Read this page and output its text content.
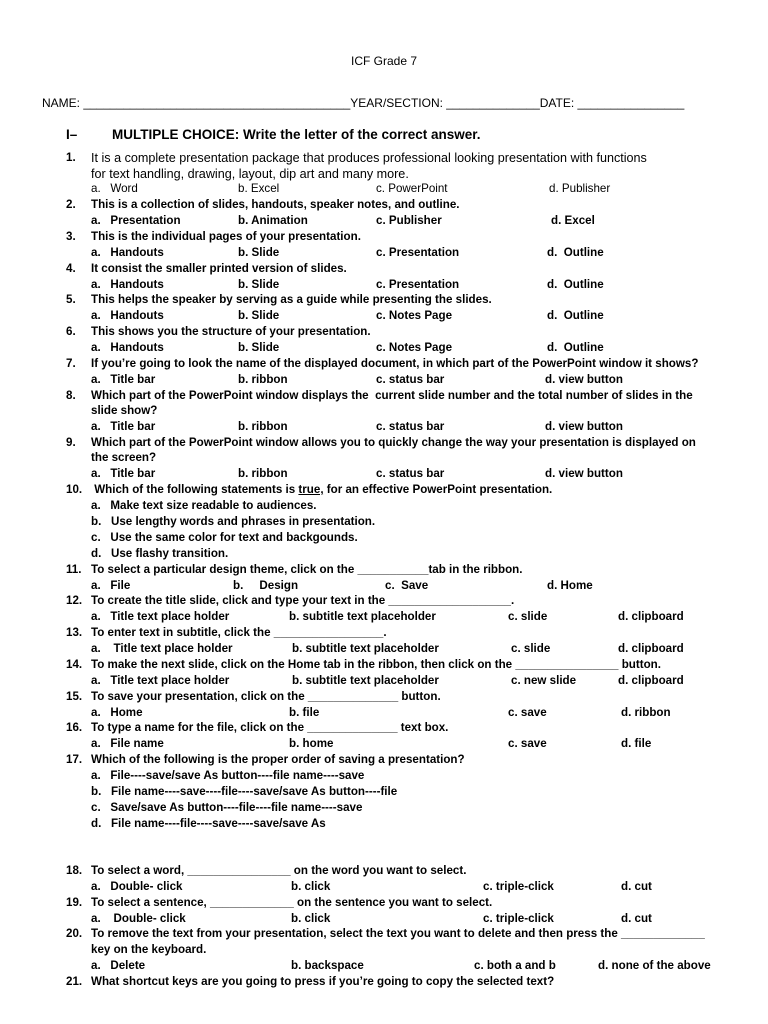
ICF Grade 7
NAME: ________________________________________YEAR/SECTION: ______________DATE: ________________
I–	MULTIPLE CHOICE: Write the letter of the correct answer.
1. It is a complete presentation package that produces professional looking presentation with functions
for text handling, drawing, layout, dip art and many more.
a.   Word	b. Excel	c. PowerPoint	d. Publisher
2. This is a collection of slides, handouts, speaker notes, and outline.
a.   Presentation	b. Animation	c. Publisher	d. Excel
3. This is the individual pages of your presentation.
a.   Handouts	b. Slide	c. Presentation	d.  Outline
4. It consist the smaller printed version of slides.
a.   Handouts	b. Slide	c. Presentation	d.  Outline
5. This helps the speaker by serving as a guide while presenting the slides.
a.   Handouts	b. Slide	c. Notes Page	d.  Outline
6. This shows you the structure of your presentation.
a.   Handouts	b. Slide	c. Notes Page	d.  Outline
7. If you’re going to look the name of the displayed document, in which part of the PowerPoint window it shows?
a.   Title bar	b. ribbon	c. status bar	d. view button
8. Which part of the PowerPoint window displays the  current slide number and the total number of slides in the
slide show?
a.   Title bar	b. ribbon	c. status bar	d. view button
9. Which part of the PowerPoint window allows you to quickly change the way your presentation is displayed on
the screen?
a.   Title bar	b. ribbon	c. status bar	d. view button
10. Which of the following statements is true, for an effective PowerPoint presentation.
a.   Make text size readable to audiences.
b.   Use lengthy words and phrases in presentation.
c.   Use the same color for text and backgounds.
d.   Use flashy transition.
11. To select a particular design theme, click on the ___________tab in the ribbon.
a.   File	b.     Design	c.  Save	d. Home
12. To create the title slide, click and type your text in the ___________________.
a.   Title text place holder	b. subtitle text placeholder	c. slide	d. clipboard
13. To enter text in subtitle, click the _________________.
a.    Title text place holder	b. subtitle text placeholder	c. slide	d. clipboard
14. To make the next slide, click on the Home tab in the ribbon, then click on the ________________ button.
a.   Title text place holder	b. subtitle text placeholder	c. new slide	d. clipboard
15. To save your presentation, click on the ______________ button.
a.   Home	b. file	c. save	d. ribbon
16. To type a name for the file, click on the ______________ text box.
a.   File name	b. home	c. save	d. file
17. Which of the following is the proper order of saving a presentation?
a.   File----save/save As button----file name----save
b.   File name----save----file----save/save As button----file
c.   Save/save As button----file----file name----save
d.   File name----file----save----save/save As
18. To select a word, ________________ on the word you want to select.
a.   Double- click	b. click	c. triple-click	d. cut
19. To select a sentence, _____________ on the sentence you want to select.
a.    Double- click	b. click	c. triple-click	d. cut
20. To remove the text from your presentation, select the text you want to delete and then press the _____________
key on the keyboard.
a.   Delete	b. backspace	c. both a and b	d. none of the above
21. What shortcut keys are you going to press if you’re going to copy the selected text?
